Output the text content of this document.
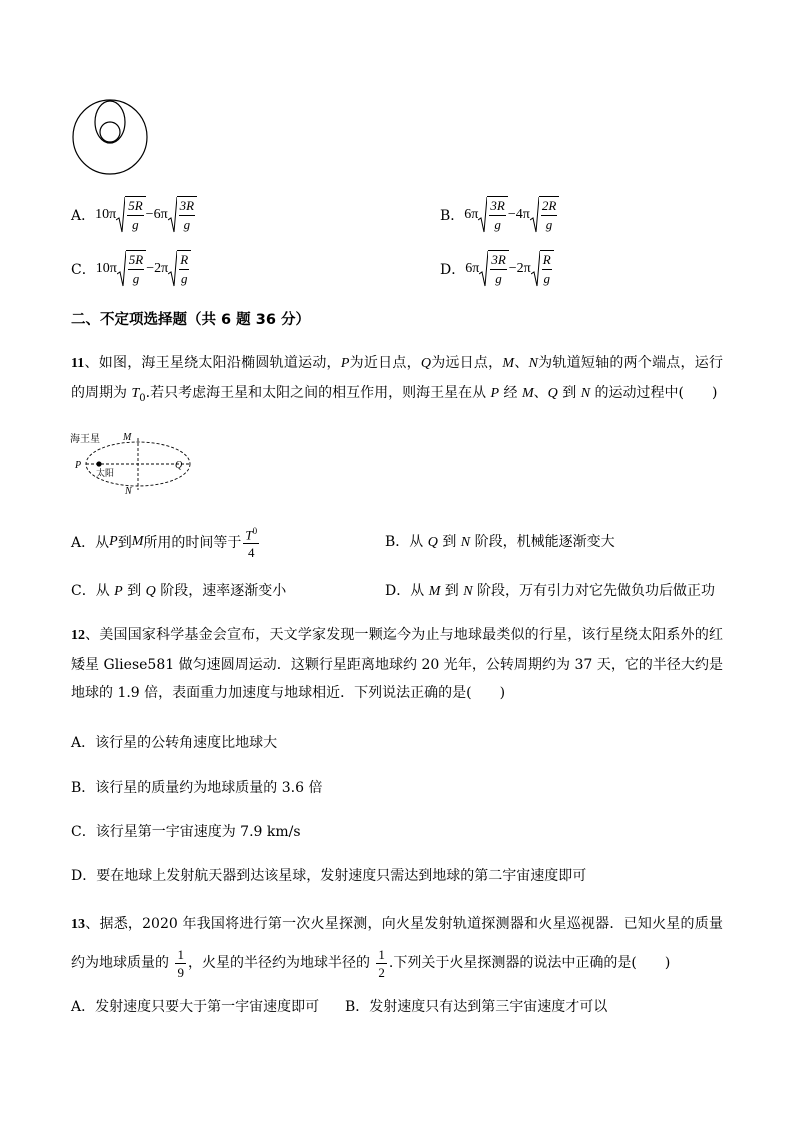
A． 10π
5R
g
− 6π
3R
g
B． 6π
3R
g
− 4π
2R
g
C． 10π
5R
g
− 2π
R
g
D． 6π
3R
g
− 2π
R
g
二、不定项选择题（共 6 题 36 分）
11、如图，海王星绕太阳沿椭圆轨道运动，P为近日点，Q为远日点，M、N为轨道短轴的两个端点，运行的周期为 $T_0$.若只考虑海王星和太阳之间的相互作用，则海王星在从 P 经 M、Q 到 N 的运动过程中(　　)
海王星
太阳
P	Q
M
N
A． 从 P 到 M 所用的时间等于 $\frac{T^0}{4}$	B．从 Q 到 N 阶段，机械能逐渐变大
C．从 P 到 Q 阶段，速率逐渐变小	D．从 M 到 N 阶段，万有引力对它先做负功后做正功
12、美国国家科学基金会宣布，天文学家发现一颗迄今为止与地球最类似的行星，该行星绕太阳系外的红矮星 Gliese581 做匀速圆周运动．这颗行星距离地球约 20 光年，公转周期约为 37 天，它的半径大约是地球的 1.9 倍，表面重力加速度与地球相近．下列说法正确的是(　　)
A．该行星的公转角速度比地球大
B．该行星的质量约为地球质量的 3.6 倍
C．该行星第一宇宙速度为 7.9 km/s
D．要在地球上发射航天器到达该星球，发射速度只需达到地球的第二宇宙速度即可
13、据悉，2020 年我国将进行第一次火星探测，向火星发射轨道探测器和火星巡视器．已知火星的质量约为地球质量的 $\frac{1}{9}$ ，火星的半径约为地球半径的 $\frac{1}{2}$ .下列关于火星探测器的说法中正确的是(　　)
A．发射速度只要大于第一宇宙速度即可 B．发射速度只有达到第三宇宙速度才可以
